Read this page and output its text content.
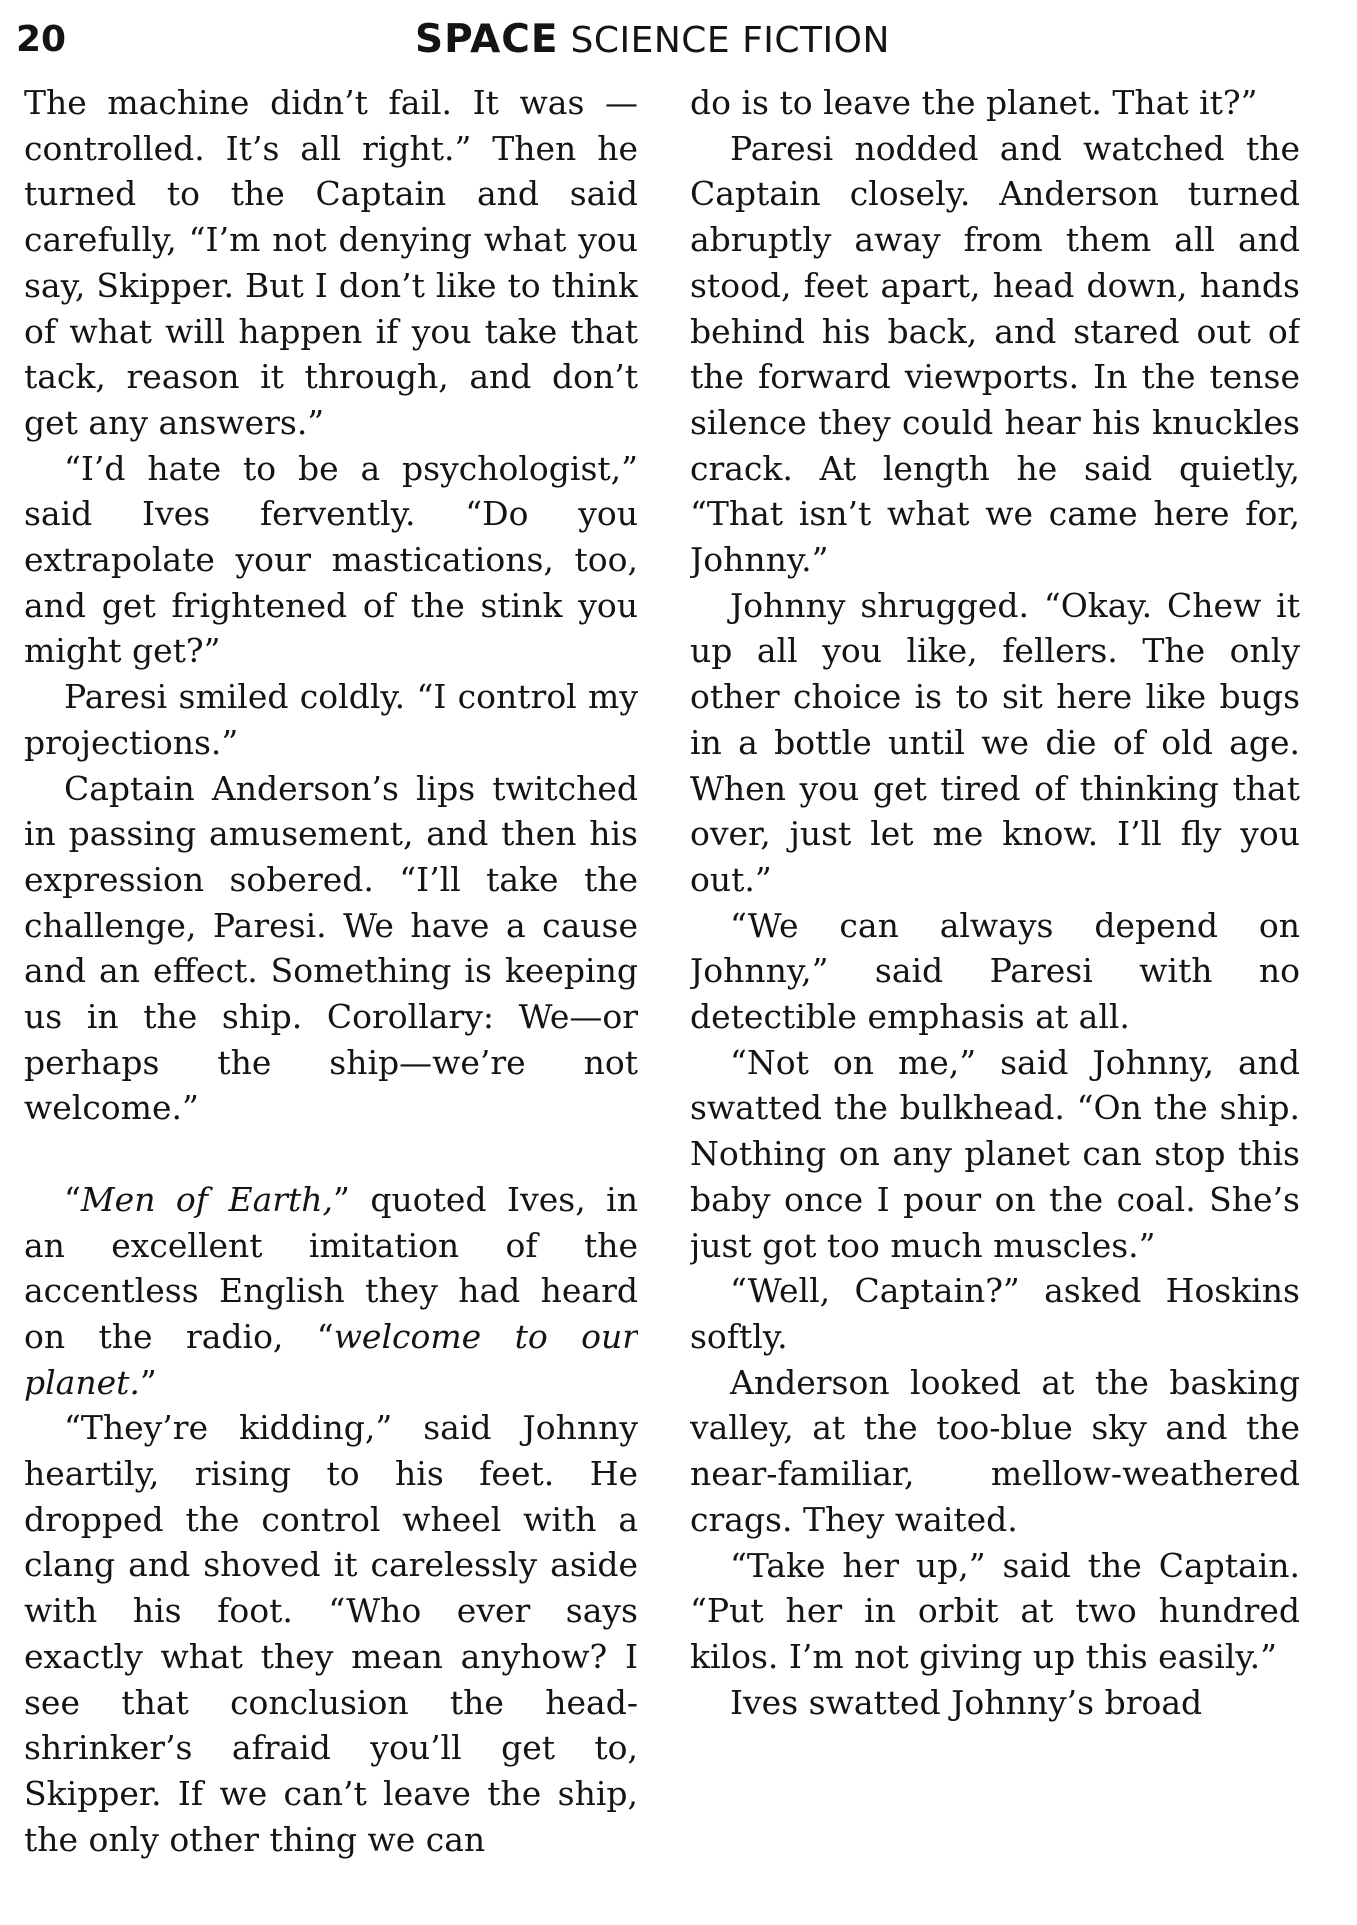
20	SPACE SCIENCE FICTION

The machine didn’t fail. It was —controlled. It’s all right.” Then he turned to the Captain and said carefully, “I’m not denying what you say, Skipper. But I don’t like to think of what will happen if you take that tack, reason it through, and don’t get any answers.”

“I’d hate to be a psychologist,” said Ives fervently. “Do you extrapolate your mastications, too, and get frightened of the stink you might get?”

Paresi smiled coldly. “I control my projections.”

Captain Anderson’s lips twitched in passing amusement, and then his expression sobered. “I’ll take the challenge, Paresi. We have a cause and an effect. Something is keeping us in the ship. Corollary: We—or perhaps the ship—we’re not welcome.”

“Men of Earth,” quoted Ives, in an excellent imitation of the accentless English they had heard on the radio, “welcome to our planet.”

“They’re kidding,” said Johnny heartily, rising to his feet. He dropped the control wheel with a clang and shoved it carelessly aside with his foot. “Who ever says exactly what they mean anyhow? I see that conclusion the head-shrinker’s afraid you’ll get to, Skipper. If we can’t leave the ship, the only other thing we can

do is to leave the planet. That it?”

Paresi nodded and watched the Captain closely. Anderson turned abruptly away from them all and stood, feet apart, head down, hands behind his back, and stared out of the forward viewports. In the tense silence they could hear his knuckles crack. At length he said quietly, “That isn’t what we came here for, Johnny.”

Johnny shrugged. “Okay. Chew it up all you like, fellers. The only other choice is to sit here like bugs in a bottle until we die of old age. When you get tired of thinking that over, just let me know. I’ll fly you out.”

“We can always depend on Johnny,” said Paresi with no detectible emphasis at all.

“Not on me,” said Johnny, and swatted the bulkhead. “On the ship. Nothing on any planet can stop this baby once I pour on the coal. She’s just got too much muscles.”

“Well, Captain?” asked Hoskins softly.

Anderson looked at the basking valley, at the too-blue sky and the near-familiar, mellow-weathered crags. They waited.

“Take her up,” said the Captain. “Put her in orbit at two hundred kilos. I’m not giving up this easily.”

Ives swatted Johnny’s broad
